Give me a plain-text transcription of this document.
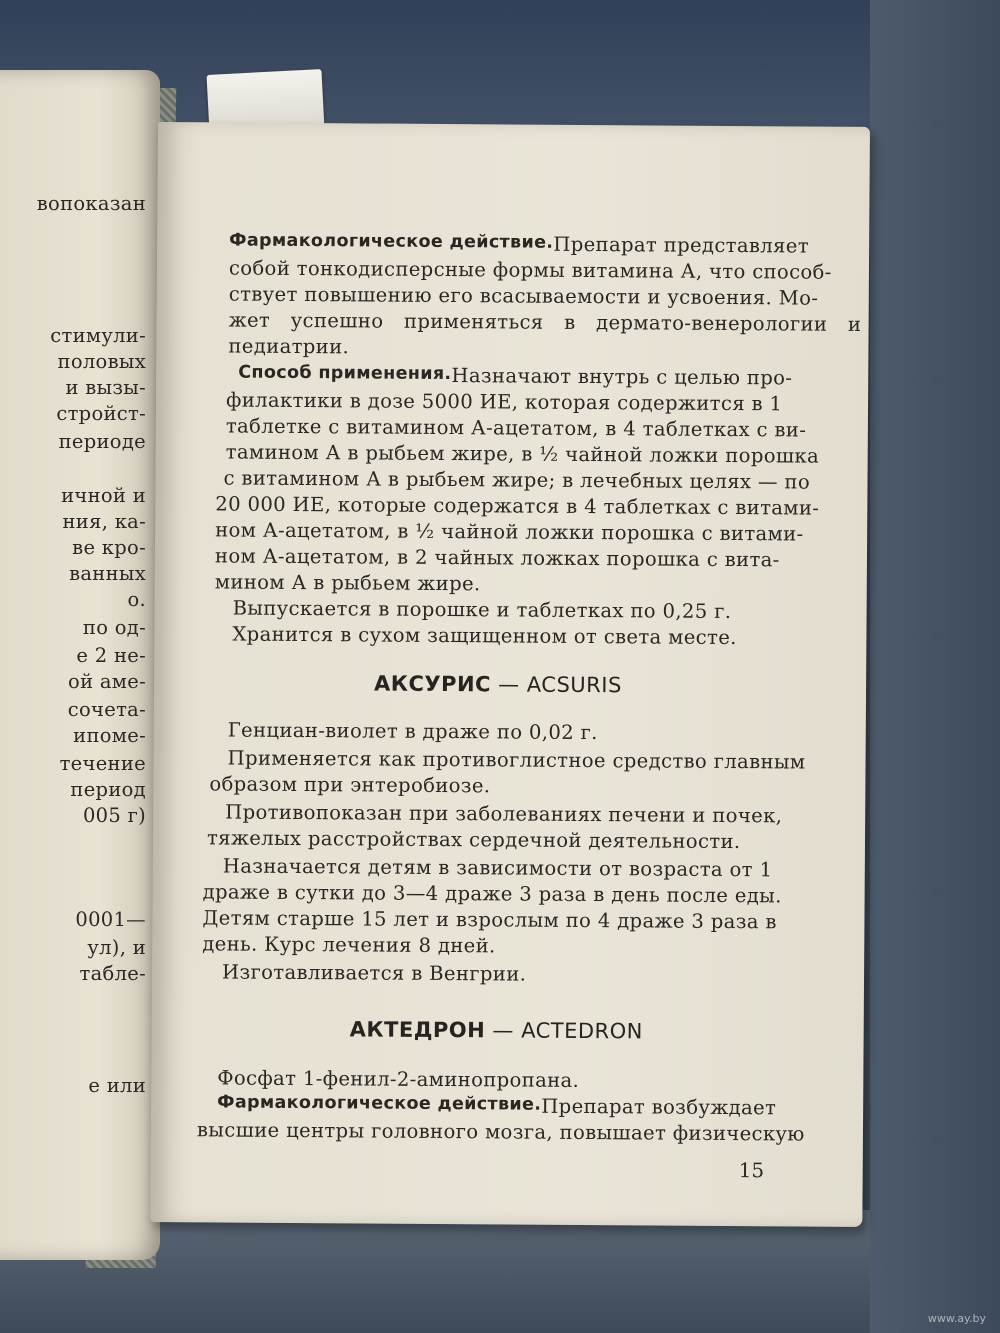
вопоказан
стимули-
половых
и вызы-
стройст-
периоде
ичной и
ния, ка-
ве кро-
ванных
о.
по од-
е 2 не-
ой аме-
сочета-
ипоме-
течение
период
005 г)
0001—
ул), и
табле-
е или
Фармакологическое действие. Препарат представляет
собой тонкодисперсные формы витамина А, что способ-
ствует повышению его всасываемости и усвоения. Мо-
жет успешно применяться в дермато-венерологии и
педиатрии.
Способ применения. Назначают внутрь с целью про-
филактики в дозе 5000 ИЕ, которая содержится в 1
таблетке с витамином А-ацетатом, в 4 таблетках с ви-
тамином А в рыбьем жире, в ½ чайной ложки порошка
с витамином А в рыбьем жире; в лечебных целях — по
20 000 ИЕ, которые содержатся в 4 таблетках с витами-
ном А-ацетатом, в ½ чайной ложки порошка с витами-
ном А-ацетатом, в 2 чайных ложках порошка с вита-
мином А в рыбьем жире.
Выпускается в порошке и таблетках по 0,25 г.
Хранится в сухом защищенном от света месте.
АКСУРИС — ACSURIS
Генциан-виолет в драже по 0,02 г.
Применяется как противоглистное средство главным
образом при энтеробиозе.
Противопоказан при заболеваниях печени и почек,
тяжелых расстройствах сердечной деятельности.
Назначается детям в зависимости от возраста от 1
драже в сутки до 3—4 драже 3 раза в день после еды.
Детям старше 15 лет и взрослым по 4 драже 3 раза в
день. Курс лечения 8 дней.
Изготавливается в Венгрии.
АКТЕДРОН — ACTEDRON
Фосфат 1-фенил-2-аминопропана.
Фармакологическое действие. Препарат возбуждает
высшие центры головного мозга, повышает физическую
15
www.ay.by
